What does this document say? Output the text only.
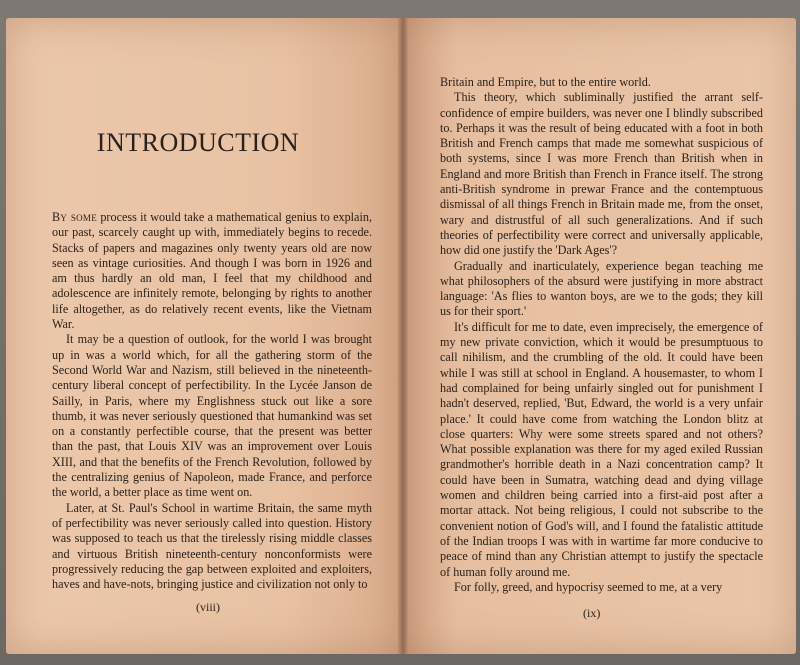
INTRODUCTION

By some process it would take a mathematical genius to explain, our past, scarcely caught up with, immediately begins to recede. Stacks of papers and magazines only twenty years old are now seen as vintage curiosities. And though I was born in 1926 and am thus hardly an old man, I feel that my childhood and adolescence are infinitely remote, belonging by rights to another life altogether, as do relatively recent events, like the Vietnam War.

It may be a question of outlook, for the world I was brought up in was a world which, for all the gathering storm of the Second World War and Nazism, still believed in the nineteenth-century liberal concept of perfectibility. In the Lycée Janson de Sailly, in Paris, where my Englishness stuck out like a sore thumb, it was never seriously questioned that humankind was set on a constantly perfectible course, that the present was better than the past, that Louis XIV was an improvement over Louis XIII, and that the benefits of the French Revolution, followed by the centralizing genius of Napoleon, made France, and perforce the world, a better place as time went on.

Later, at St. Paul's School in wartime Britain, the same myth of perfectibility was never seriously called into question. History was supposed to teach us that the tirelessly rising middle classes and virtuous British nineteenth-century nonconformists were progressively reducing the gap between exploited and exploiters, haves and have-nots, bringing justice and civilization not only to

(viii)

Britain and Empire, but to the entire world.

This theory, which subliminally justified the arrant self-confidence of empire builders, was never one I blindly subscribed to. Perhaps it was the result of being educated with a foot in both British and French camps that made me somewhat suspicious of both systems, since I was more French than British when in England and more British than French in France itself. The strong anti-British syndrome in prewar France and the contemptuous dismissal of all things French in Britain made me, from the onset, wary and distrustful of all such generalizations. And if such theories of perfectibility were correct and universally applicable, how did one justify the 'Dark Ages'?

Gradually and inarticulately, experience began teaching me what philosophers of the absurd were justifying in more abstract language: 'As flies to wanton boys, are we to the gods; they kill us for their sport.'

It's difficult for me to date, even imprecisely, the emergence of my new private conviction, which it would be presumptuous to call nihilism, and the crumbling of the old. It could have been while I was still at school in England. A housemaster, to whom I had complained for being unfairly singled out for punishment I hadn't deserved, replied, 'But, Edward, the world is a very unfair place.' It could have come from watching the London blitz at close quarters: Why were some streets spared and not others? What possible explanation was there for my aged exiled Russian grandmother's horrible death in a Nazi concentration camp? It could have been in Sumatra, watching dead and dying village women and children being carried into a first-aid post after a mortar attack. Not being religious, I could not subscribe to the convenient notion of God's will, and I found the fatalistic attitude of the Indian troops I was with in wartime far more conducive to peace of mind than any Christian attempt to justify the spectacle of human folly around me.

For folly, greed, and hypocrisy seemed to me, at a very

(ix)
